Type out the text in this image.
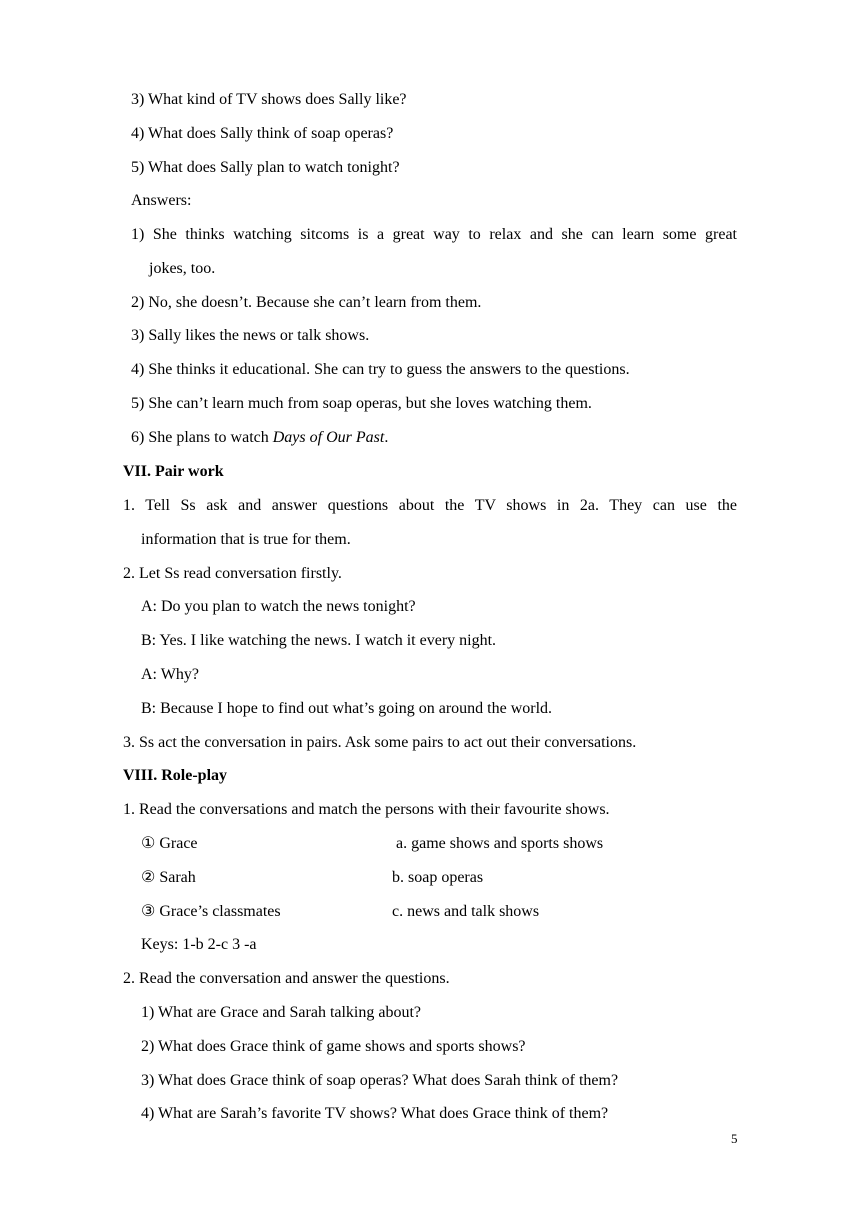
3) What kind of TV shows does Sally like?
4) What does Sally think of soap operas?
5) What does Sally plan to watch tonight?
Answers:
1) She thinks watching sitcoms is a great way to relax and she can learn some great
jokes, too.
2) No, she doesn’t. Because she can’t learn from them.
3) Sally likes the news or talk shows.
4) She thinks it educational. She can try to guess the answers to the questions.
5) She can’t learn much from soap operas, but she loves watching them.
6) She plans to watch Days of Our Past.
VII. Pair work
1. Tell Ss ask and answer questions about the TV shows in 2a. They can use the
information that is true for them.
2. Let Ss read conversation firstly.
A: Do you plan to watch the news tonight?
B: Yes. I like watching the news. I watch it every night.
A: Why?
B: Because I hope to find out what’s going on around the world.
3. Ss act the conversation in pairs. Ask some pairs to act out their conversations.
VIII. Role-play
1. Read the conversations and match the persons with their favourite shows.
① Grace	a. game shows and sports shows
② Sarah	b. soap operas
③ Grace’s classmates	c. news and talk shows
Keys: 1-b 2-c 3 -a
2. Read the conversation and answer the questions.
1) What are Grace and Sarah talking about?
2) What does Grace think of game shows and sports shows?
3) What does Grace think of soap operas? What does Sarah think of them?
4) What are Sarah’s favorite TV shows? What does Grace think of them?
5
